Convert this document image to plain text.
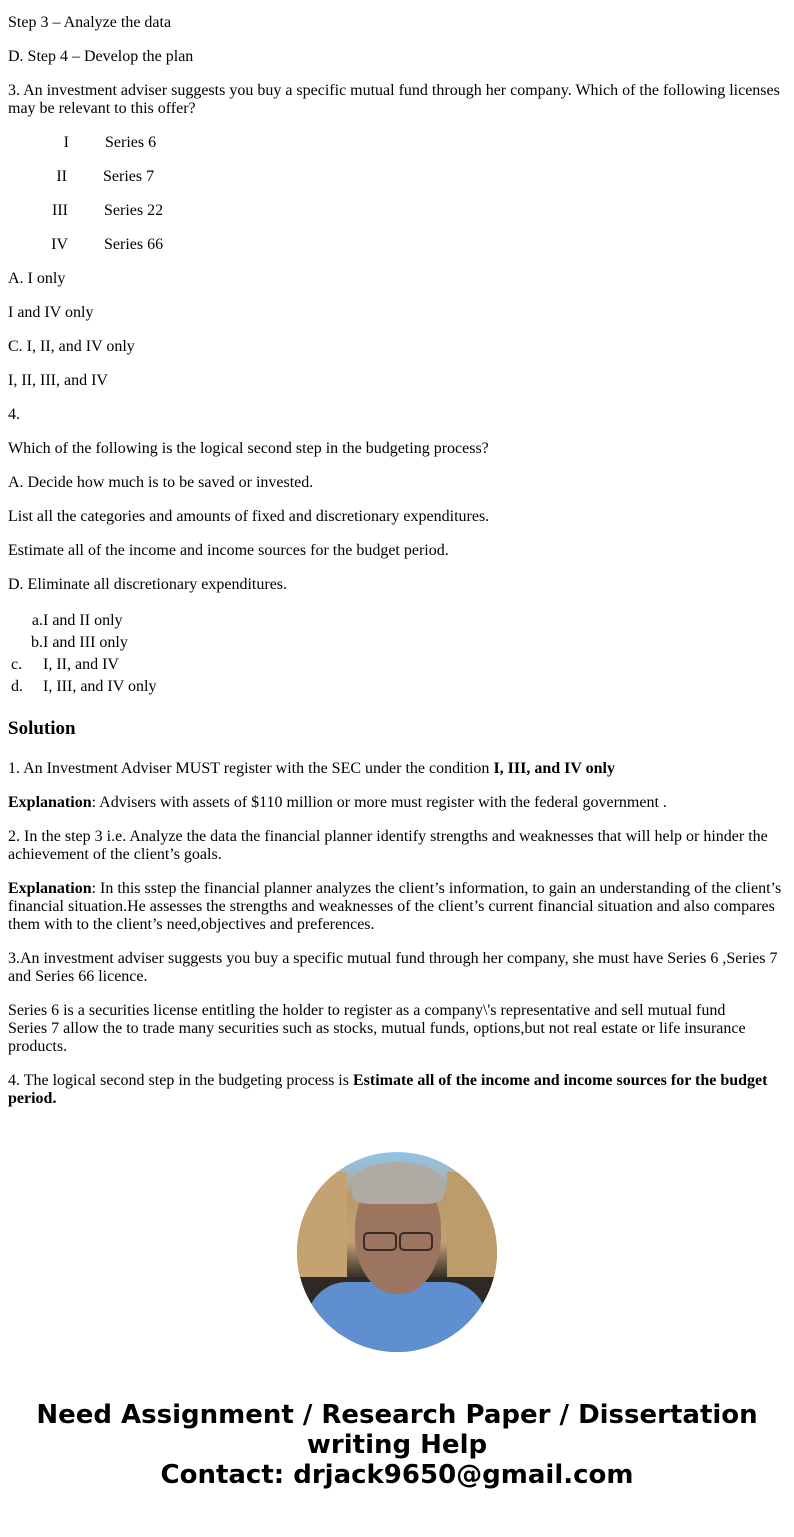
Step 3 – Analyze the data

D. Step 4 – Develop the plan

3. An investment adviser suggests you buy a specific mutual fund through her company. Which of the following licenses may be relevant to this offer?

I Series 6
II Series 7
III Series 22
IV Series 66

A. I only

I and IV only

C. I, II, and IV only

I, II, III, and IV

4.

Which of the following is the logical second step in the budgeting process?

A. Decide how much is to be saved or invested.

List all the categories and amounts of fixed and discretionary expenditures.

Estimate all of the income and income sources for the budget period.

D. Eliminate all discretionary expenditures.

a. I and II only
b. I and III only
c. I, II, and IV
d. I, III, and IV only
Solution

1. An Investment Adviser MUST register with the SEC under the condition I, III, and IV only

Explanation: Advisers with assets of $110 million or more must register with the federal government .

2. In the step 3 i.e. Analyze the data the financial planner identify strengths and weaknesses that will help or hinder the achievement of the client’s goals.

Explanation: In this sstep the financial planner analyzes the client’s information, to gain an understanding of the client’s financial situation.He assesses the strengths and weaknesses of the client’s current financial situation and also compares them with to the client’s need,objectives and preferences.

3.An investment adviser suggests you buy a specific mutual fund through her company, she must have Series 6 ,Series 7 and Series 66 licence.

Series 6 is a securities license entitling the holder to register as a company\'s representative and sell mutual fund
Series 7 allow the to trade many securities such as stocks, mutual funds, options,but not real estate or life insurance products.

4. The logical second step in the budgeting process is Estimate all of the income and income sources for the budget period.

Need Assignment / Research Paper / Dissertation writing Help
Contact: drjack9650@gmail.com
